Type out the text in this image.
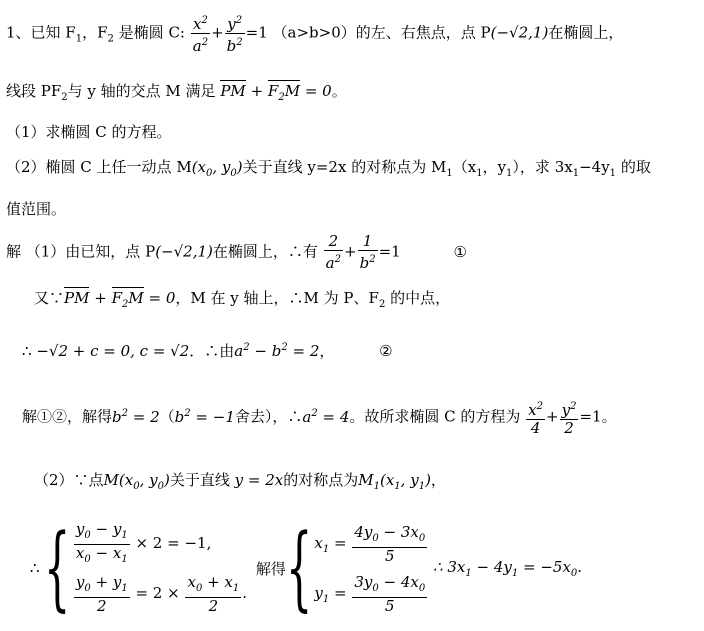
1、已知 $F_1$，$F_2$ 是椭圆 C: $\frac{x^2}{a^2} + \frac{y^2}{b^2} =1$ （a>b>0）的左、右焦点，点 P(−√2,1)在椭圆上，
线段 $PF_2$与 y 轴的交点 M 满足 PM + $F_2M = 0$。
（1）求椭圆 C 的方程。
（2）椭圆 C 上任一动点 $M(x_0$, $y_0$)关于直线 y=2x 的对称点为 $M_1(x_1$，$y_1$），求 $3x_1-4y_1$ 的取
值范围。
解 （1）由已知，点 P(−√2,1)在椭圆上，∴有 $\frac{2}{a^2} + \frac{1}{b^2} =1$	①
又∵PM + $F_2M = 0$，M 在 y 轴上，∴M 为 P、$F_2$ 的中点，
∴ −√2 + c = 0, c = √2．∴由$a^2 - b^2 = 2$，	②
解①②，解得$b^2 = 2(b^2 = -1$舍去），$\therefore a^2 = 4$。故所求椭圆 C 的方程为 $\frac{x^2}{4} + \frac{y^2}{2} =1$。
（2）∵点$M(x_0$, $y_0$)关于直线 y = 2x的对称点为$M_1(x_1$, $y_1$)，
∴ { $\frac{y_0 - y_1}{x_0 - x_1} \times 2 = -1$,
$\frac{y_0 + y_1}{2} = 2 \times \frac{x_0 + x_1}{2}$ .
解得{ $x_1 = \frac{4y_0 - 3x_0}{5}$
$y_1 = \frac{3y_0 - 4x_0}{5}$
∴ $3x_1 - 4y_1 = -5x_0$.
